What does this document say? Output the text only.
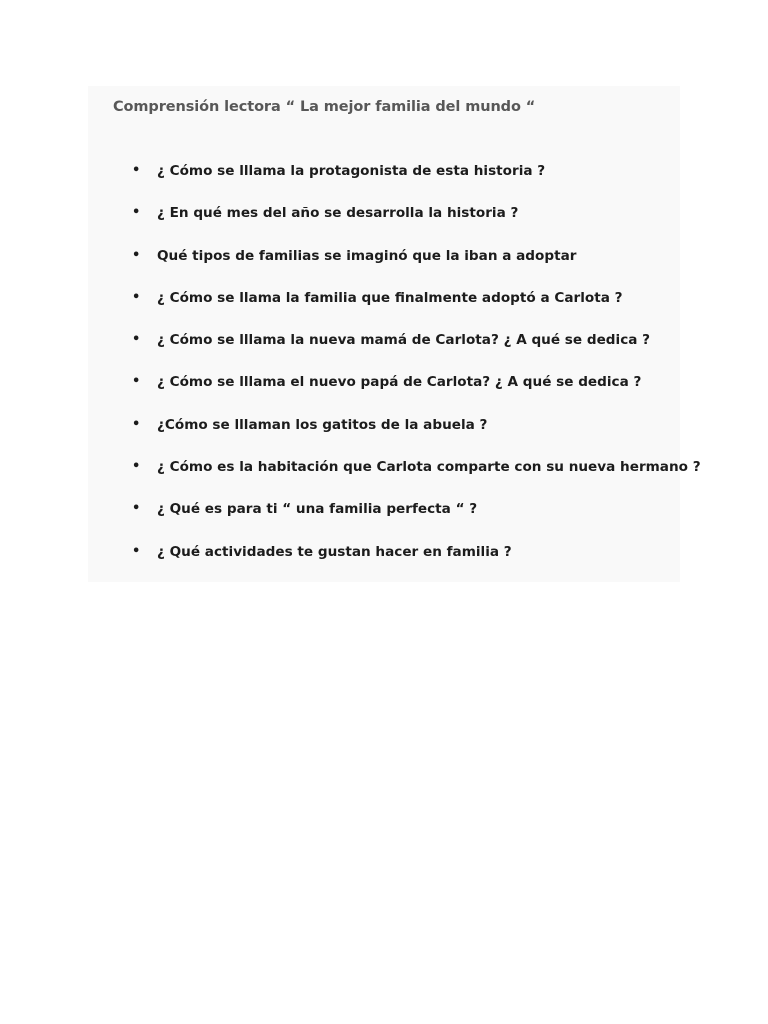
Comprensión lectora “ La mejor familia del mundo “
• ¿ Cómo se lllama la protagonista de esta historia ?
• ¿ En qué mes del año se desarrolla la historia ?
• Qué tipos de familias se imaginó que la iban a adoptar
• ¿ Cómo se llama la familia que finalmente adoptó a Carlota ?
• ¿ Cómo se lllama la nueva mamá de Carlota? ¿ A qué se dedica ?
• ¿ Cómo se lllama el nuevo papá de Carlota? ¿ A qué se dedica ?
• ¿Cómo se lllaman los gatitos de la abuela ?
• ¿ Cómo es la habitación que Carlota comparte con su nueva hermano ?
• ¿ Qué es para ti “ una familia perfecta “ ?
• ¿ Qué actividades te gustan hacer en familia ?
